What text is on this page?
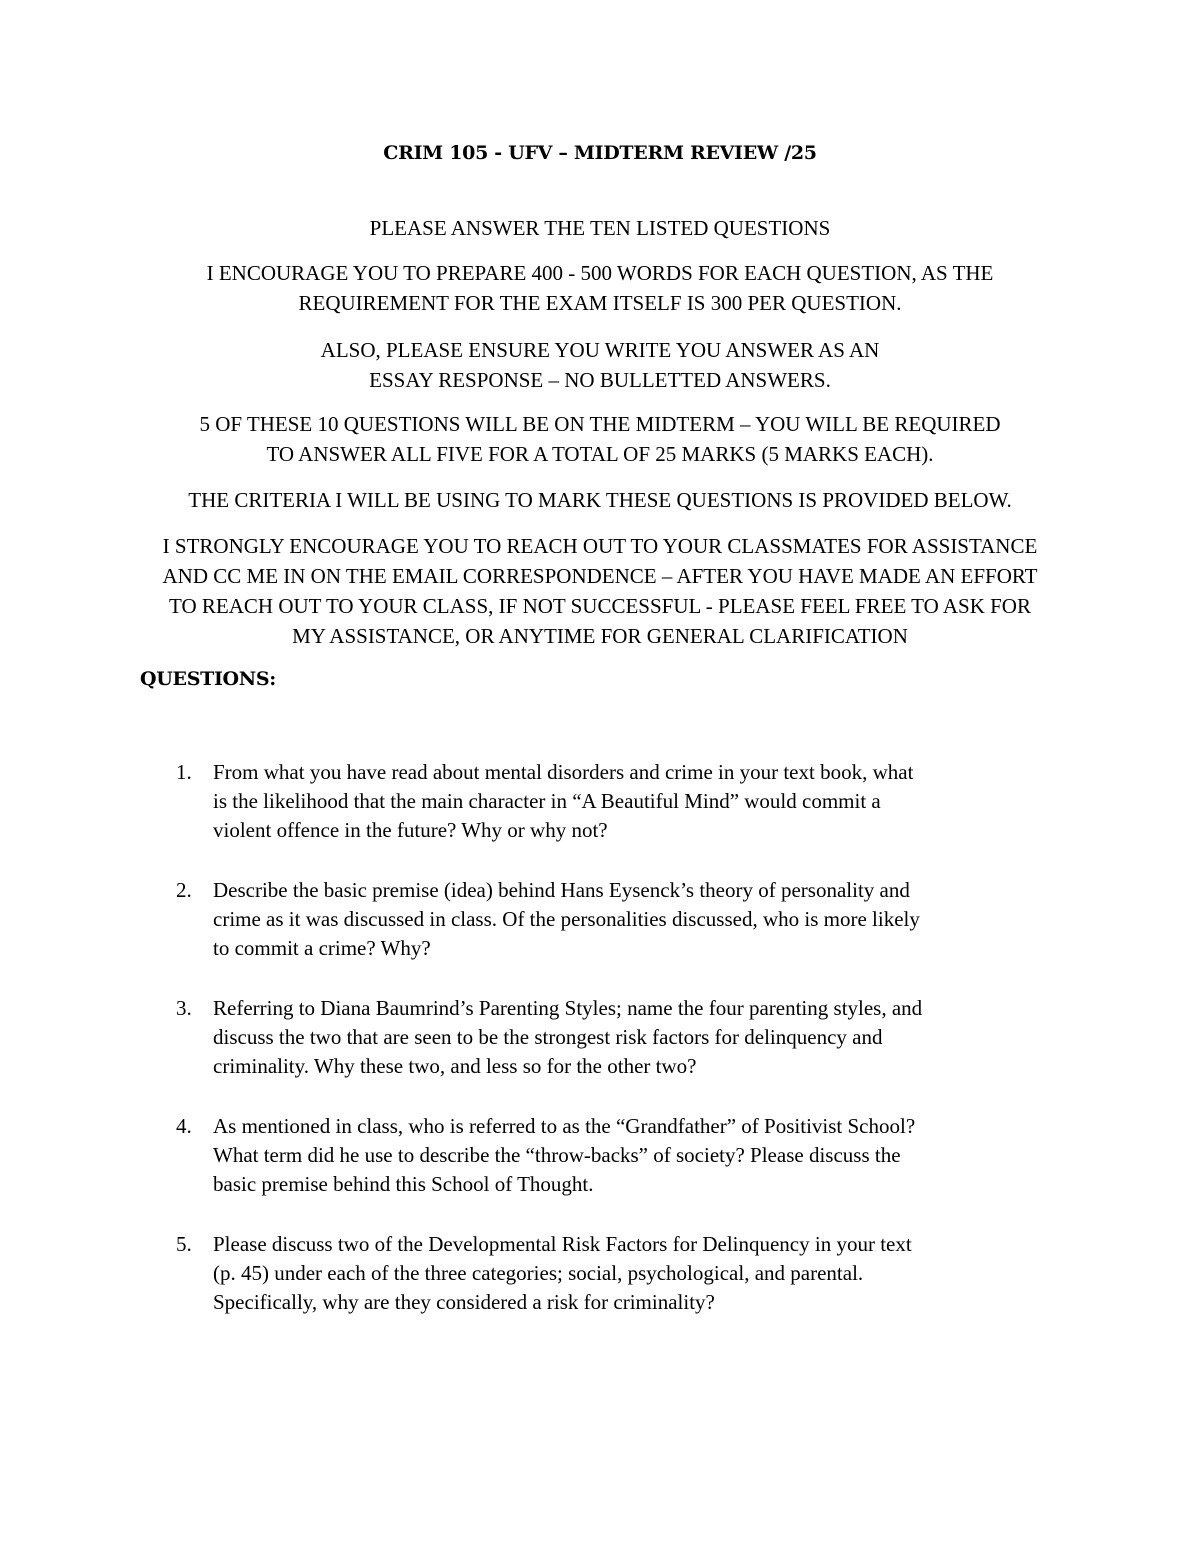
CRIM 105 - UFV – MIDTERM REVIEW /25

PLEASE ANSWER THE TEN LISTED QUESTIONS

I ENCOURAGE YOU TO PREPARE 400 - 500 WORDS FOR EACH QUESTION, AS THE
REQUIREMENT FOR THE EXAM ITSELF IS 300 PER QUESTION.

ALSO, PLEASE ENSURE YOU WRITE YOU ANSWER AS AN
ESSAY RESPONSE – NO BULLETTED ANSWERS.

5 OF THESE 10 QUESTIONS WILL BE ON THE MIDTERM – YOU WILL BE REQUIRED
TO ANSWER ALL FIVE FOR A TOTAL OF 25 MARKS (5 MARKS EACH).

THE CRITERIA I WILL BE USING TO MARK THESE QUESTIONS IS PROVIDED BELOW.

I STRONGLY ENCOURAGE YOU TO REACH OUT TO YOUR CLASSMATES FOR ASSISTANCE
AND CC ME IN ON THE EMAIL CORRESPONDENCE – AFTER YOU HAVE MADE AN EFFORT
TO REACH OUT TO YOUR CLASS, IF NOT SUCCESSFUL - PLEASE FEEL FREE TO ASK FOR
MY ASSISTANCE, OR ANYTIME FOR GENERAL CLARIFICATION

QUESTIONS:
1. From what you have read about mental disorders and crime in your text book, what
is the likelihood that the main character in “A Beautiful Mind” would commit a
violent offence in the future? Why or why not?
2. Describe the basic premise (idea) behind Hans Eysenck’s theory of personality and
crime as it was discussed in class. Of the personalities discussed, who is more likely
to commit a crime? Why?
3. Referring to Diana Baumrind’s Parenting Styles; name the four parenting styles, and
discuss the two that are seen to be the strongest risk factors for delinquency and
criminality. Why these two, and less so for the other two?
4. As mentioned in class, who is referred to as the “Grandfather” of Positivist School?
What term did he use to describe the “throw-backs” of society? Please discuss the
basic premise behind this School of Thought.
5. Please discuss two of the Developmental Risk Factors for Delinquency in your text
(p. 45) under each of the three categories; social, psychological, and parental.
Specifically, why are they considered a risk for criminality?
